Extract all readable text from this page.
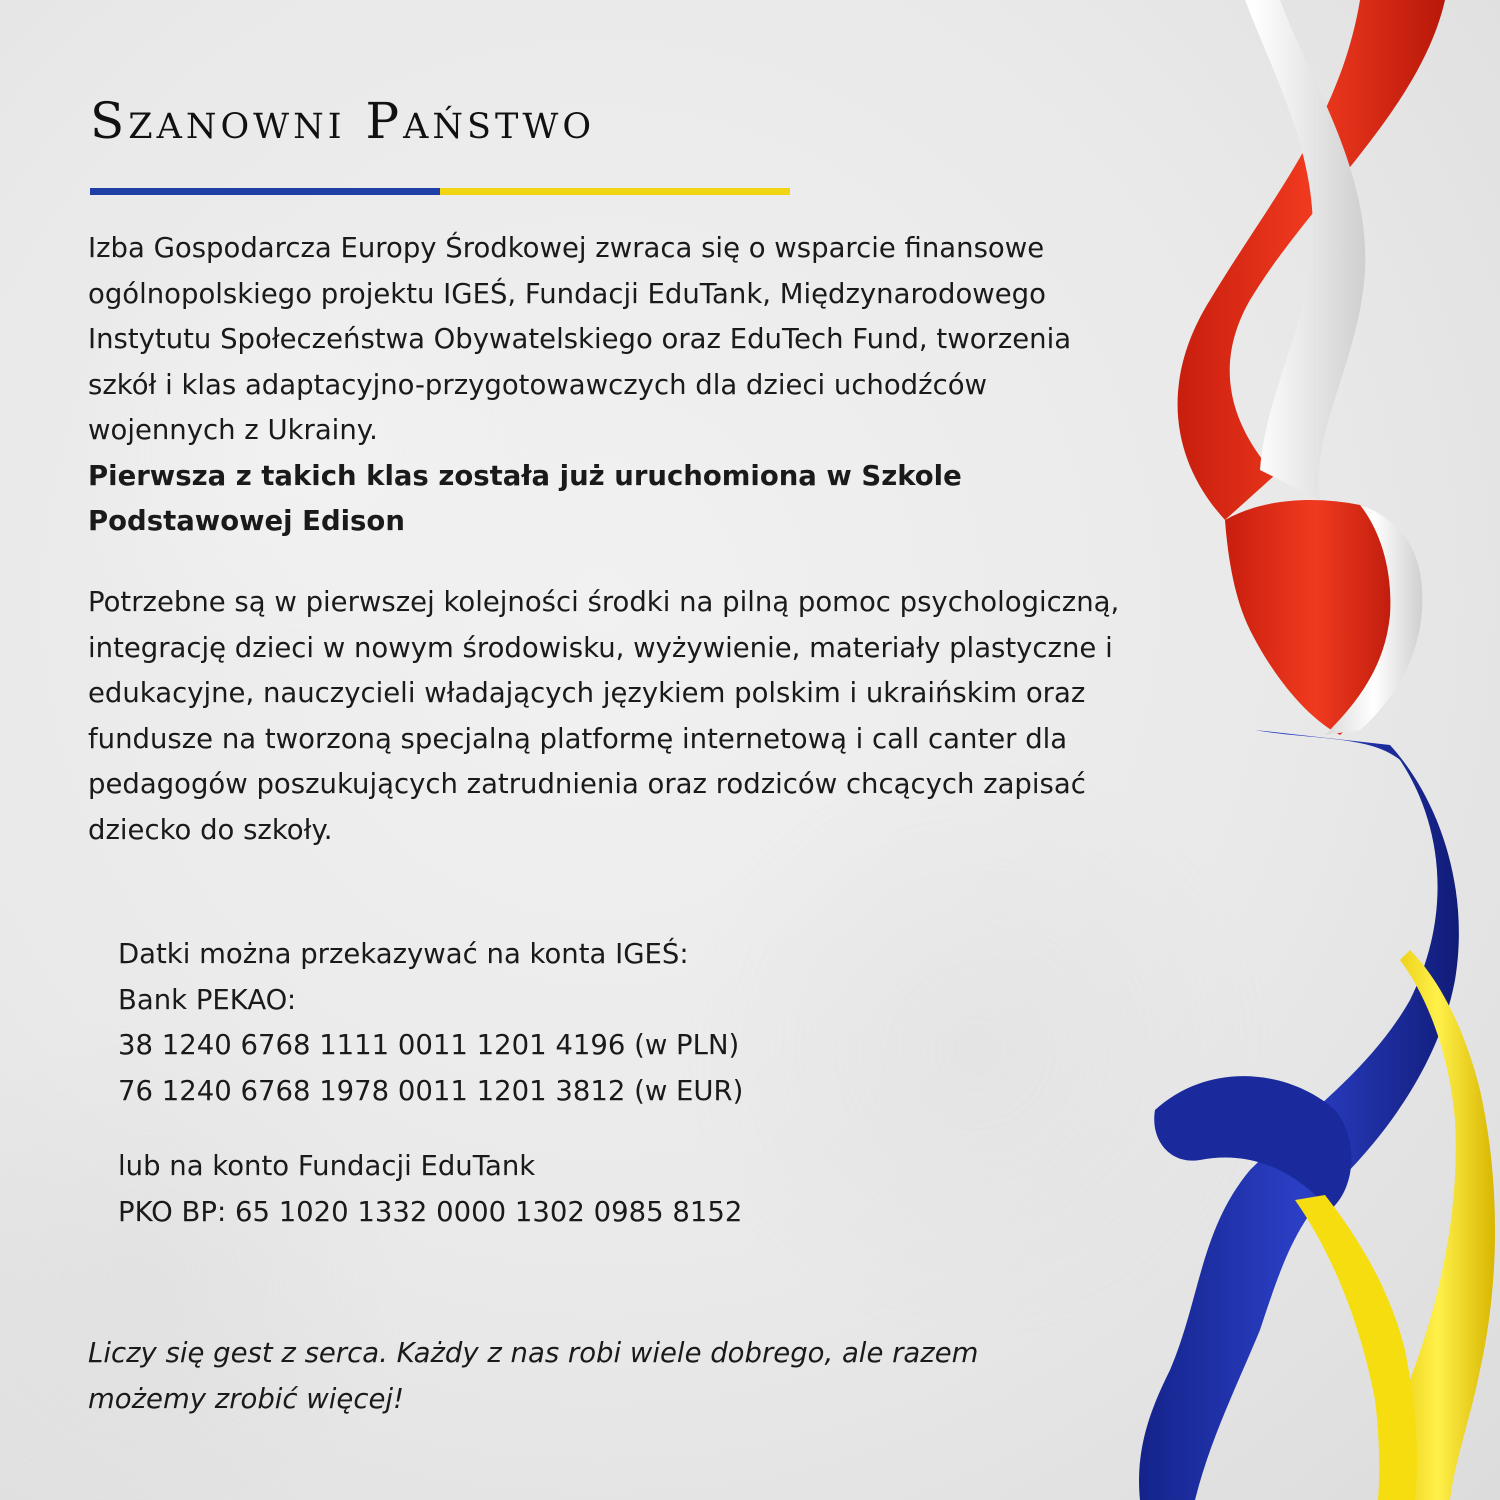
Szanowni Państwo

Izba Gospodarcza Europy Środkowej zwraca się o wsparcie finansowe ogólnopolskiego projektu IGEŚ, Fundacji EduTank, Międzynarodowego Instytutu Społeczeństwa Obywatelskiego oraz EduTech Fund, tworzenia szkół i klas adaptacyjno-przygotowawczych dla dzieci uchodźców wojennych z Ukrainy.
Pierwsza z takich klas została już uruchomiona w Szkole Podstawowej Edison

Potrzebne są w pierwszej kolejności środki na pilną pomoc psychologiczną, integrację dzieci w nowym środowisku, wyżywienie, materiały plastyczne i edukacyjne, nauczycieli władających językiem polskim i ukraińskim oraz fundusze na tworzoną specjalną platformę internetową i call canter dla pedagogów poszukujących zatrudnienia oraz rodziców chcących zapisać dziecko do szkoły.

Datki można przekazywać na konta IGEŚ:
Bank PEKAO:
38 1240 6768 1111 0011 1201 4196 (w PLN)
76 1240 6768 1978 0011 1201 3812 (w EUR)
lub na konto Fundacji EduTank
PKO BP: 65 1020 1332 0000 1302 0985 8152

Liczy się gest z serca. Każdy z nas robi wiele dobrego, ale razem możemy zrobić więcej!
